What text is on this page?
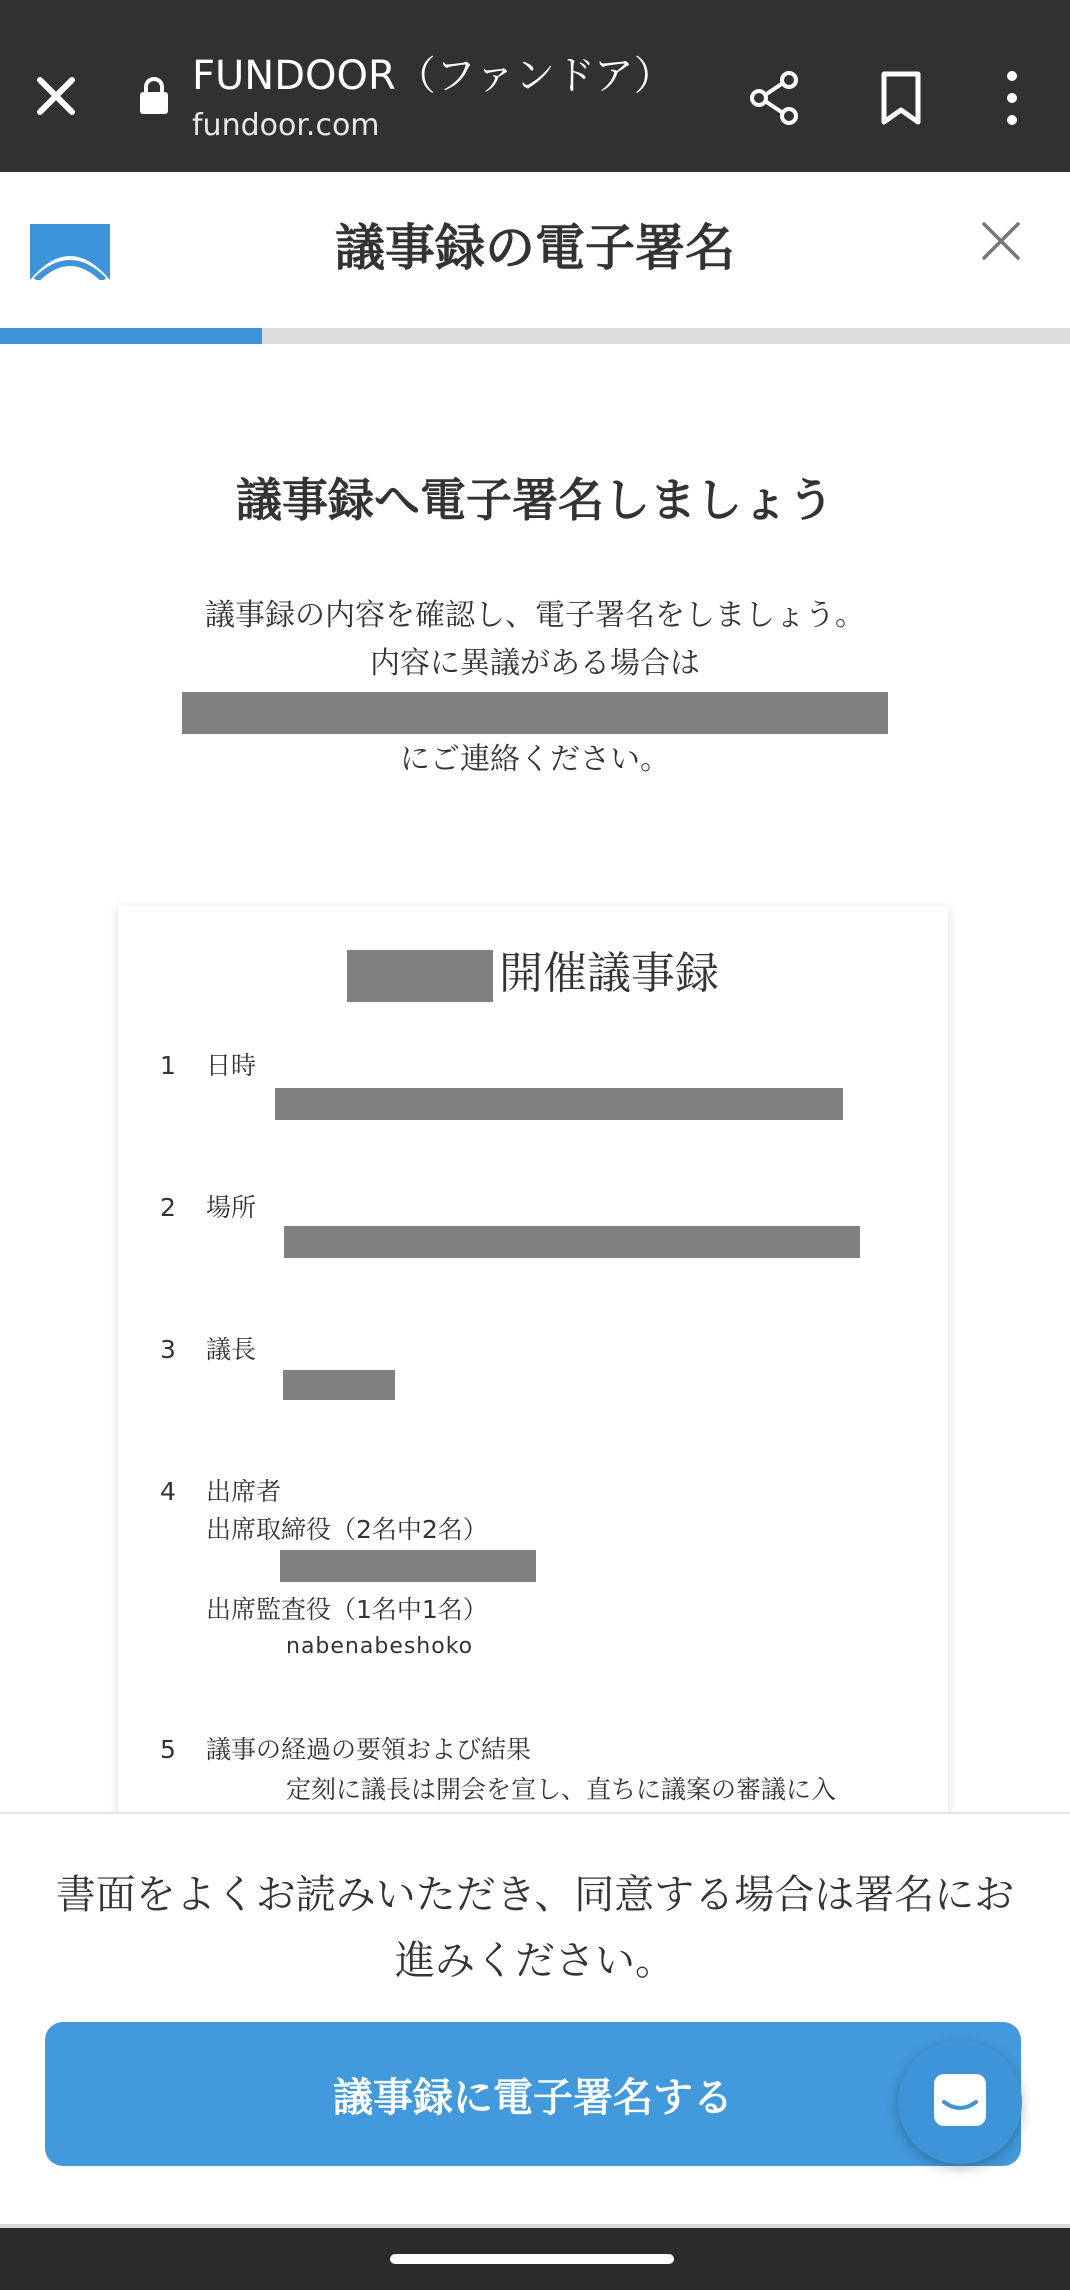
FUNDOOR（ファンドア）
fundoor.com
議事録の電子署名
議事録へ電子署名しましょう
議事録の内容を確認し、電子署名をしましょう。
内容に異議がある場合は
にご連絡ください。
開催議事録
1 日時
2 場所
3 議長
4 出席者
出席取締役（2名中2名）
出席監査役（1名中1名）
nabenabeshoko
5 議事の経過の要領および結果
定刻に議長は開会を宣し、直ちに議案の審議に入
書面をよくお読みいただき、同意する場合は署名にお進みください。
議事録に電子署名する
